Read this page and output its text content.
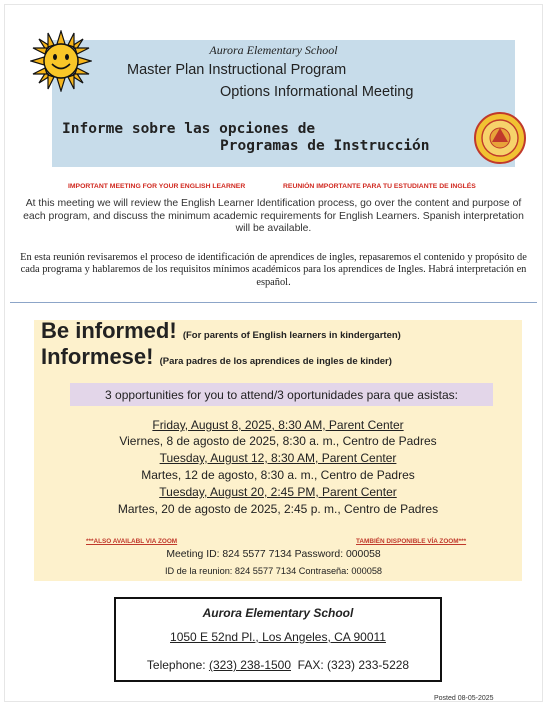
Aurora Elementary School
Master Plan Instructional Program
Options Informational Meeting
Informe sobre las opciones de
Programas de Instrucción
IMPORTANT MEETING FOR YOUR ENGLISH LEARNER	REUNIÓN IMPORTANTE PARA TU ESTUDIANTE DE INGLÉS
At this meeting we will review the English Learner Identification process, go over the content and purpose of each program, and discuss the minimum academic requirements for English Learners. Spanish interpretation will be available.
En esta reunión revisaremos el proceso de identificación de aprendices de ingles, repasaremos el contenido y propósito de cada programa y hablaremos de los requisitos mínimos académicos para los aprendices de Ingles. Habrá interpretación en español.
Be informed! (For parents of English learners in kindergarten)
Informese! (Para padres de los aprendices de ingles de kinder)
3 opportunities for you to attend/3 oportunidades para que asistas:
Friday, August 8, 2025, 8:30 AM, Parent Center
Viernes, 8 de agosto de 2025, 8:30 a. m., Centro de Padres
Tuesday, August 12, 8:30 AM, Parent Center
Martes, 12 de agosto, 8:30 a. m., Centro de Padres
Tuesday, August 20, 2:45 PM, Parent Center
Martes, 20 de agosto de 2025, 2:45 p. m., Centro de Padres
***ALSO AVAILABL VIA ZOOM	TAMBIÉN DISPONIBLE VÍA ZOOM***
Meeting ID: 824 5577 7134 Password: 000058
ID de la reunion: 824 5577 7134 Contraseña: 000058
Aurora Elementary School
1050 E 52nd Pl., Los Angeles, CA 90011
Telephone: (323) 238-1500  FAX: (323) 233-5228
Posted 08-05-2025
